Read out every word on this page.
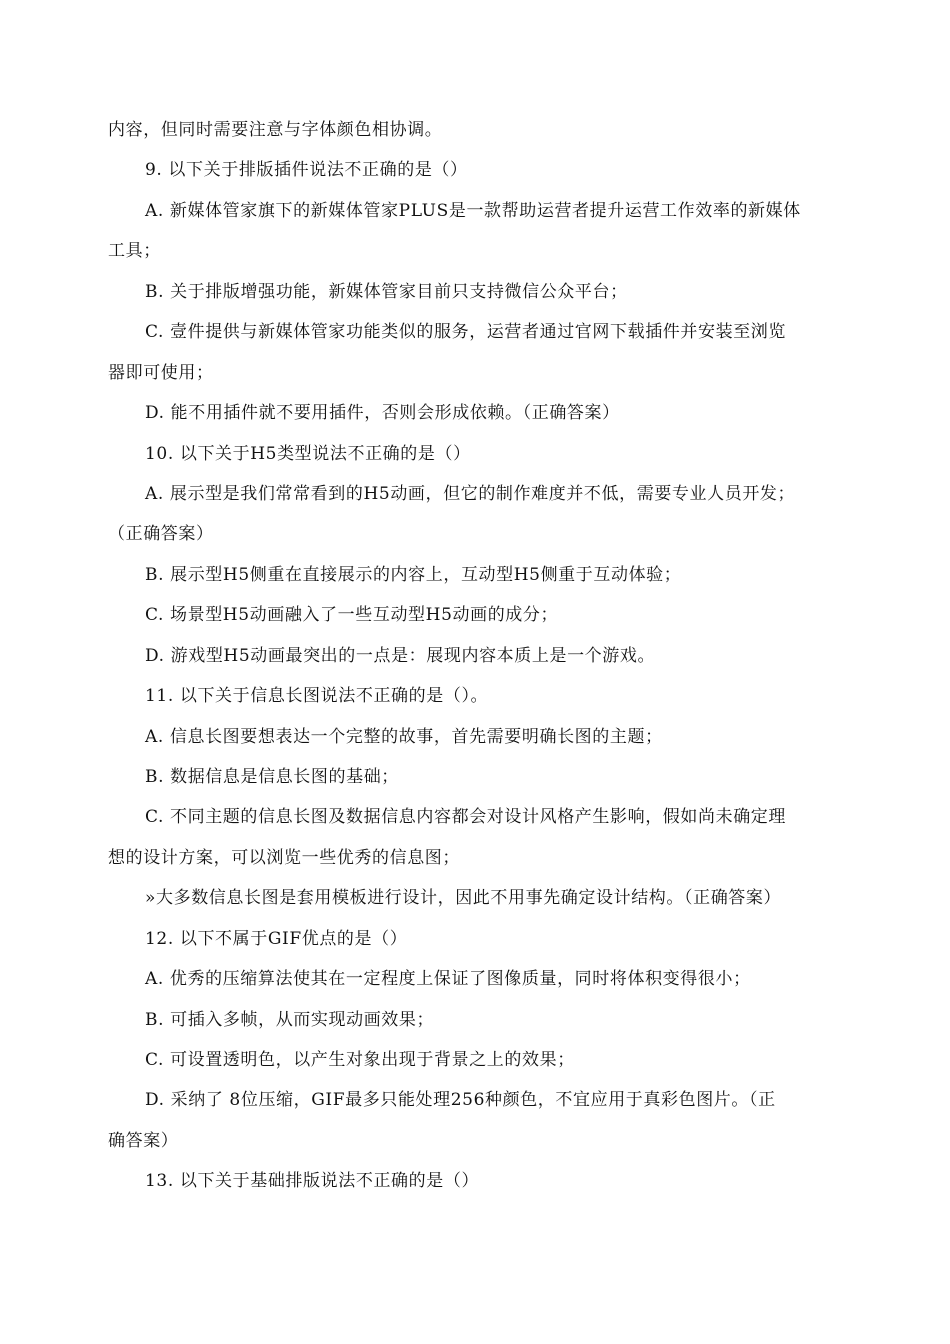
内容，但同时需要注意与字体颜色相协调。
9. 以下关于排版插件说法不正确的是（）
A. 新媒体管家旗下的新媒体管家PLUS是一款帮助运营者提升运营工作效率的新媒体
工具；
B. 关于排版增强功能，新媒体管家目前只支持微信公众平台；
C. 壹件提供与新媒体管家功能类似的服务，运营者通过官网下载插件并安装至浏览
器即可使用；
D. 能不用插件就不要用插件，否则会形成依赖。（正确答案）
10. 以下关于H5类型说法不正确的是（）
A. 展示型是我们常常看到的H5动画，但它的制作难度并不低，需要专业人员开发；
（正确答案）
B. 展示型H5侧重在直接展示的内容上，互动型H5侧重于互动体验；
C. 场景型H5动画融入了一些互动型H5动画的成分；
D. 游戏型H5动画最突出的一点是：展现内容本质上是一个游戏。
11. 以下关于信息长图说法不正确的是（）。
A. 信息长图要想表达一个完整的故事，首先需要明确长图的主题；
B. 数据信息是信息长图的基础；
C. 不同主题的信息长图及数据信息内容都会对设计风格产生影响，假如尚未确定理
想的设计方案，可以浏览一些优秀的信息图；
»大多数信息长图是套用模板进行设计，因此不用事先确定设计结构。（正确答案）
12. 以下不属于GIF优点的是（）
A. 优秀的压缩算法使其在一定程度上保证了图像质量，同时将体积变得很小；
B. 可插入多帧，从而实现动画效果；
C. 可设置透明色，以产生对象出现于背景之上的效果；
D. 采纳了 8位压缩，GIF最多只能处理256种颜色，不宜应用于真彩色图片。（正
确答案）
13. 以下关于基础排版说法不正确的是（）
